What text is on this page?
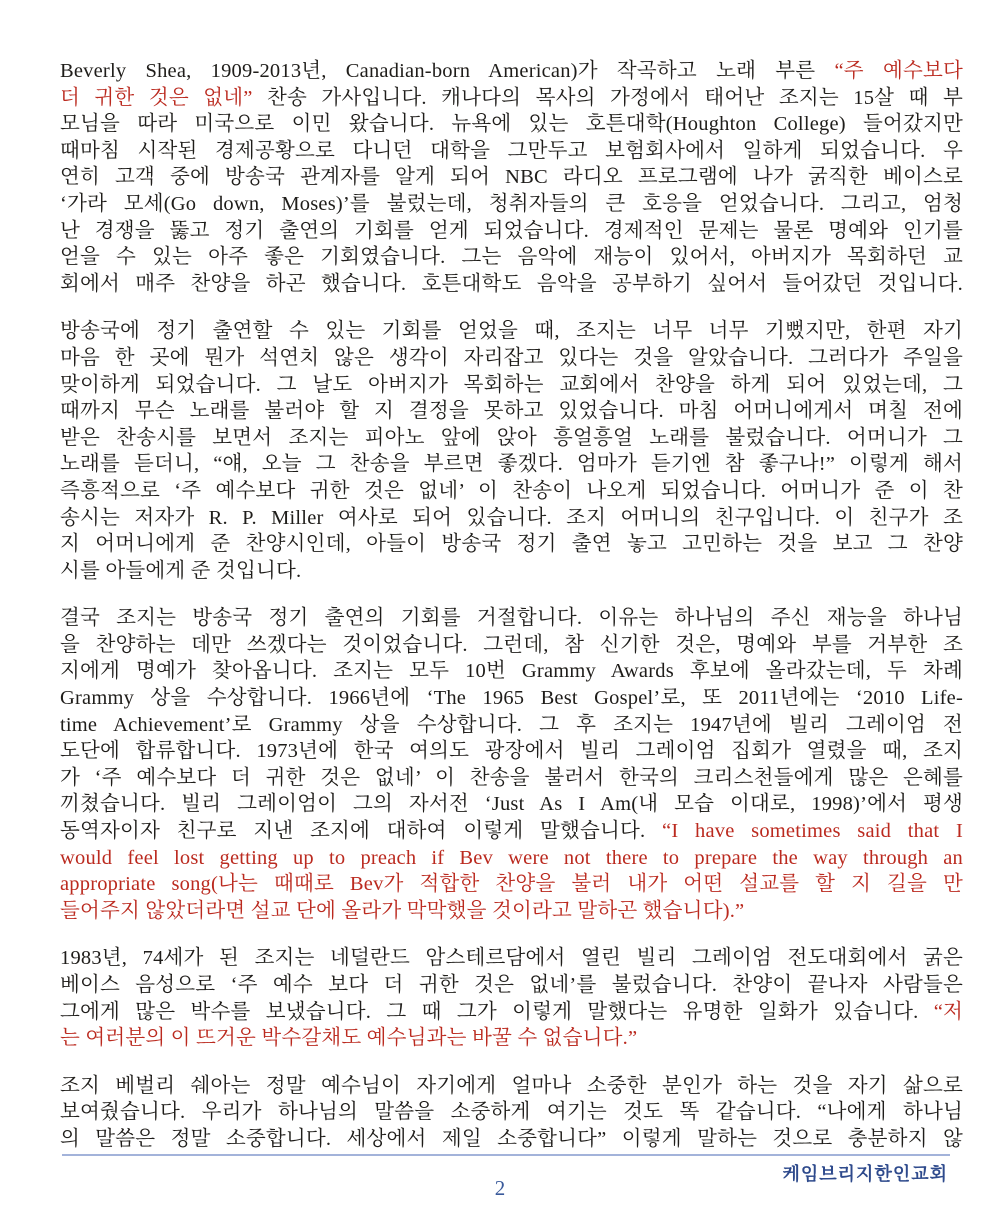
Beverly Shea, 1909-2013년, Canadian-born American)가 작곡하고 노래 부른 “주 예수보다
더 귀한 것은 없네” 찬송 가사입니다. 캐나다의 목사의 가정에서 태어난 조지는 15살 때 부
모님을 따라 미국으로 이민 왔습니다. 뉴욕에 있는 호튼대학(Houghton College) 들어갔지만
때마침 시작된 경제공황으로 다니던 대학을 그만두고 보험회사에서 일하게 되었습니다. 우
연히 고객 중에 방송국 관계자를 알게 되어 NBC 라디오 프로그램에 나가 굵직한 베이스로
‘가라 모세(Go down, Moses)’를 불렀는데, 청취자들의 큰 호응을 얻었습니다. 그리고, 엄청
난 경쟁을 뚫고 정기 출연의 기회를 얻게 되었습니다. 경제적인 문제는 물론 명예와 인기를
얻을 수 있는 아주 좋은 기회였습니다. 그는 음악에 재능이 있어서, 아버지가 목회하던 교
회에서 매주 찬양을 하곤 했습니다. 호튼대학도 음악을 공부하기 싶어서 들어갔던 것입니다.
방송국에 정기 출연할 수 있는 기회를 얻었을 때, 조지는 너무 너무 기뻤지만, 한편 자기
마음 한 곳에 뭔가 석연치 않은 생각이 자리잡고 있다는 것을 알았습니다. 그러다가 주일을
맞이하게 되었습니다. 그 날도 아버지가 목회하는 교회에서 찬양을 하게 되어 있었는데, 그
때까지 무슨 노래를 불러야 할 지 결정을 못하고 있었습니다. 마침 어머니에게서 며칠 전에
받은 찬송시를 보면서 조지는 피아노 앞에 앉아 흥얼흥얼 노래를 불렀습니다. 어머니가 그
노래를 듣더니, “얘, 오늘 그 찬송을 부르면 좋겠다. 엄마가 듣기엔 참 좋구나!” 이렇게 해서
즉흥적으로 ‘주 예수보다 귀한 것은 없네’ 이 찬송이 나오게 되었습니다. 어머니가 준 이 찬
송시는 저자가 R. P. Miller 여사로 되어 있습니다. 조지 어머니의 친구입니다. 이 친구가 조
지 어머니에게 준 찬양시인데, 아들이 방송국 정기 출연 놓고 고민하는 것을 보고 그 찬양
시를 아들에게 준 것입니다.
결국 조지는 방송국 정기 출연의 기회를 거절합니다. 이유는 하나님의 주신 재능을 하나님
을 찬양하는 데만 쓰겠다는 것이었습니다. 그런데, 참 신기한 것은, 명예와 부를 거부한 조
지에게 명예가 찾아옵니다. 조지는 모두 10번 Grammy Awards 후보에 올라갔는데, 두 차례
Grammy 상을 수상합니다. 1966년에 ‘The 1965 Best Gospel’로, 또 2011년에는 ‘2010 Life-
time Achievement’로 Grammy 상을 수상합니다. 그 후 조지는 1947년에 빌리 그레이엄 전
도단에 합류합니다. 1973년에 한국 여의도 광장에서 빌리 그레이엄 집회가 열렸을 때, 조지
가 ‘주 예수보다 더 귀한 것은 없네’ 이 찬송을 불러서 한국의 크리스천들에게 많은 은혜를
끼쳤습니다. 빌리 그레이엄이 그의 자서전 ‘Just As I Am(내 모습 이대로, 1998)’에서 평생
동역자이자 친구로 지낸 조지에 대하여 이렇게 말했습니다. “I have sometimes said that I
would feel lost getting up to preach if Bev were not there to prepare the way through an
appropriate song(나는 때때로 Bev가 적합한 찬양을 불러 내가 어떤 설교를 할 지 길을 만
들어주지 않았더라면 설교 단에 올라가 막막했을 것이라고 말하곤 했습니다).”
1983년, 74세가 된 조지는 네덜란드 암스테르담에서 열린 빌리 그레이엄 전도대회에서 굵은
베이스 음성으로 ‘주 예수 보다 더 귀한 것은 없네’를 불렀습니다. 찬양이 끝나자 사람들은
그에게 많은 박수를 보냈습니다. 그 때 그가 이렇게 말했다는 유명한 일화가 있습니다. “저
는 여러분의 이 뜨거운 박수갈채도 예수님과는 바꿀 수 없습니다.”
조지 베벌리 쉐아는 정말 예수님이 자기에게 얼마나 소중한 분인가 하는 것을 자기 삶으로
보여줬습니다. 우리가 하나님의 말씀을 소중하게 여기는 것도 똑 같습니다. “나에게 하나님
의 말씀은 정말 소중합니다. 세상에서 제일 소중합니다” 이렇게 말하는 것으로 충분하지 않
케임브리지한인교회
2
